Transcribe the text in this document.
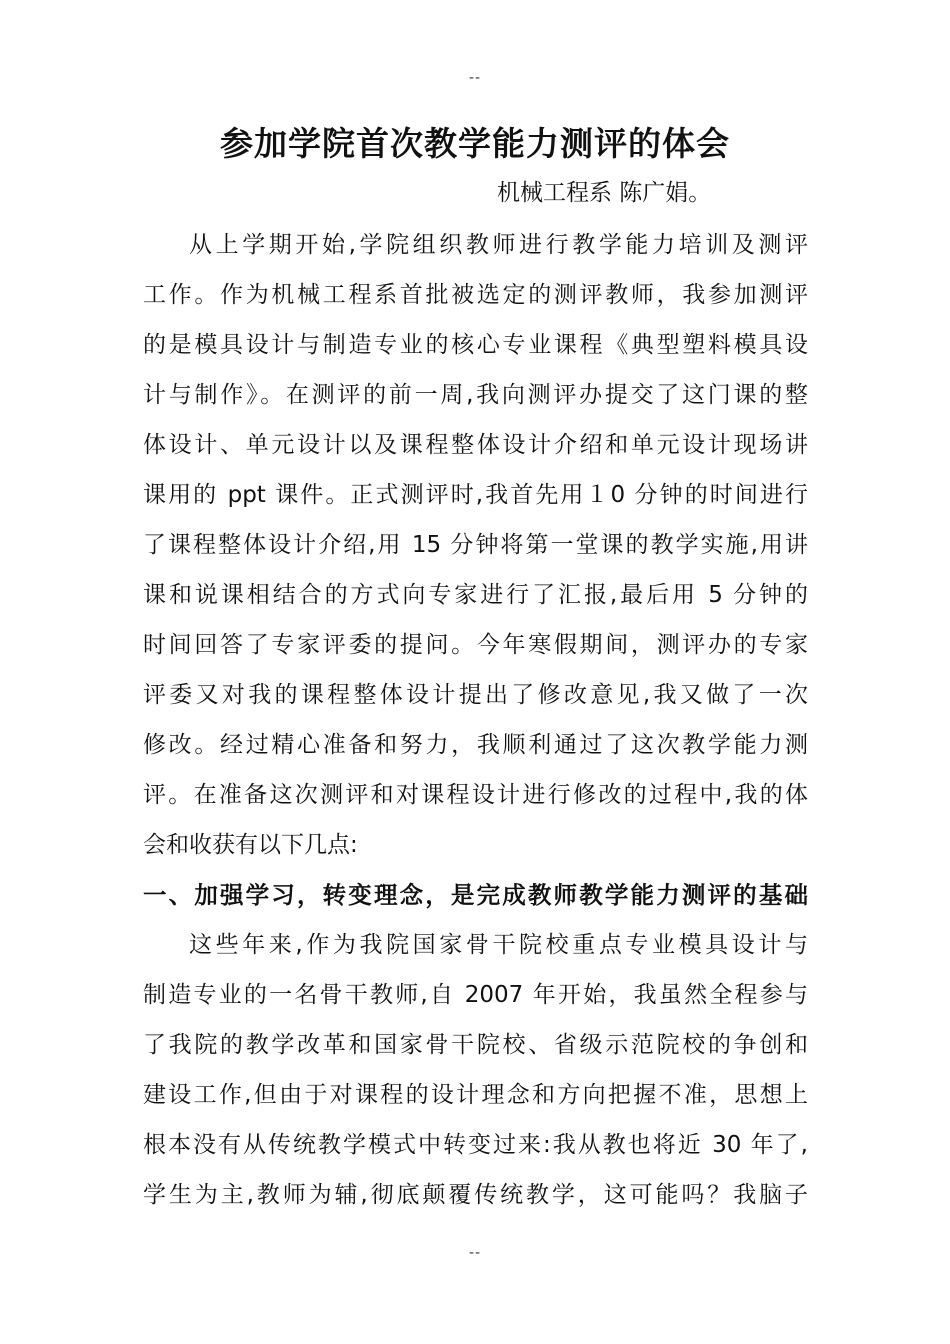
--
参加学院首次教学能力测评的体会
机械工程系 陈广娟。
从上学期开始,学院组织教师进行教学能力培训及测评
工作。作为机械工程系首批被选定的测评教师，我参加测评
的是模具设计与制造专业的核心专业课程《典型塑料模具设
计与制作》。在测评的前一周,我向测评办提交了这门课的整
体设计、单元设计以及课程整体设计介绍和单元设计现场讲
课用的 ppt 课件。正式测评时,我首先用１0 分钟的时间进行
了课程整体设计介绍,用 15 分钟将第一堂课的教学实施,用讲
课和说课相结合的方式向专家进行了汇报,最后用 5 分钟的
时间回答了专家评委的提问。今年寒假期间，测评办的专家
评委又对我的课程整体设计提出了修改意见,我又做了一次
修改。经过精心准备和努力，我顺利通过了这次教学能力测
评。在准备这次测评和对课程设计进行修改的过程中,我的体
会和收获有以下几点:
一、加强学习，转变理念，是完成教师教学能力测评的基础
这些年来,作为我院国家骨干院校重点专业模具设计与
制造专业的一名骨干教师,自 2007 年开始，我虽然全程参与
了我院的教学改革和国家骨干院校、省级示范院校的争创和
建设工作,但由于对课程的设计理念和方向把握不准，思想上
根本没有从传统教学模式中转变过来:我从教也将近 30 年了,
学生为主,教师为辅,彻底颠覆传统教学，这可能吗？我脑子
--
